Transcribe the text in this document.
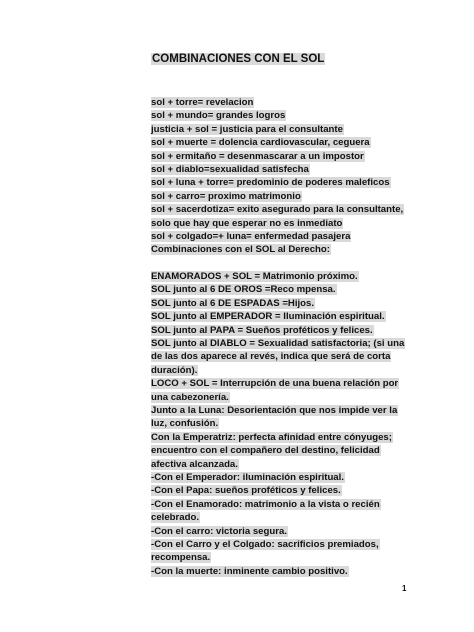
COMBINACIONES CON EL SOL
sol + torre= revelacion
sol + mundo= grandes logros
justicia + sol = justicia para el consultante
sol + muerte = dolencia cardiovascular, ceguera
sol + ermitaño = desenmascarar a un impostor
sol + diablo=sexualidad satisfecha
sol + luna + torre= predominio de poderes maleficos
sol + carro= proximo matrimonio
sol + sacerdotiza= exito asegurado para la consultante,
solo que hay que esperar no es inmediato
sol + colgado=+ luna= enfermedad pasajera
Combinaciones con el SOL al Derecho:
ENAMORADOS + SOL = Matrimonio próximo.
SOL junto al 6 DE OROS =Reco mpensa.
SOL junto al 6 DE ESPADAS =Hijos.
SOL junto al EMPERADOR = Iluminación espiritual.
SOL junto al PAPA = Sueños proféticos y felices.
SOL junto al DIABLO = Sexualidad satisfactoria; (si una
de las dos aparece al revés, indica que será de corta
duración).
LOCO + SOL = Interrupción de una buena relación por
una cabezonería.
Junto a la Luna: Desorientación que nos impide ver la
luz, confusión.
Con la Emperatriz: perfecta afinidad entre cónyuges;
encuentro con el compañero del destino, felicidad
afectiva alcanzada.
-Con el Emperador: iluminación espiritual.
-Con el Papa: sueños proféticos y felices.
-Con el Enamorado: matrimonio a la vista o recién
celebrado.
-Con el carro: victoria segura.
-Con el Carro y el Colgado: sacrificios premiados,
recompensa.
-Con la muerte: inminente cambio positivo.
1
